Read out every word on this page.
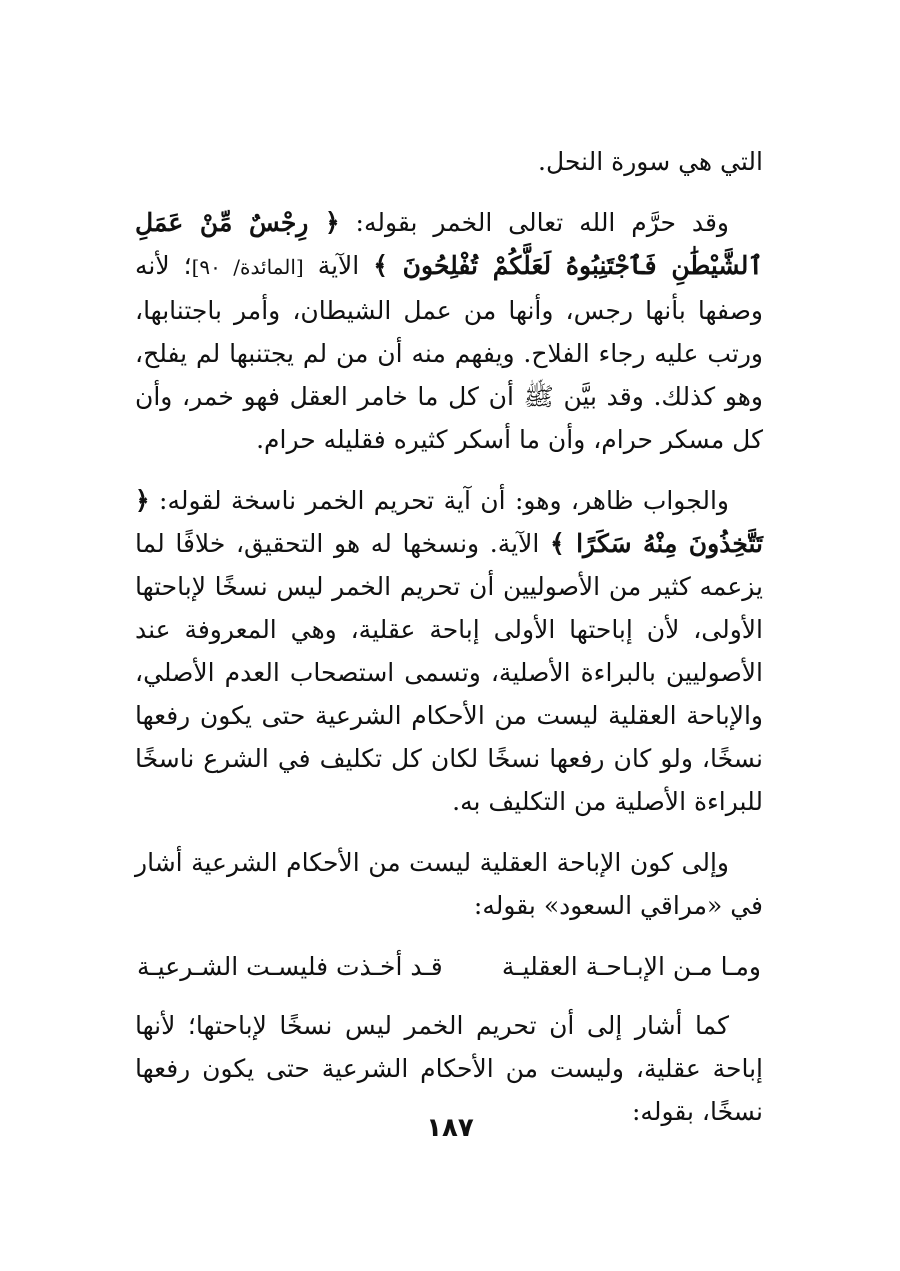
التي هي سورة النحل.

وقد حرَّم الله تعالى الخمر بقوله: ﴿ رِجْسٌ مِّنْ عَمَلِ ٱلشَّيْطَٰنِ فَٱجْتَنِبُوهُ لَعَلَّكُمْ تُفْلِحُونَ ﴾ الآية [المائدة/ ٩٠]؛ لأنه وصفها بأنها رجس، وأنها من عمل الشيطان، وأمر باجتنابها، ورتب عليه رجاء الفلاح. ويفهم منه أن من لم يجتنبها لم يفلح، وهو كذلك. وقد بيَّن ﷺ أن كل ما خامر العقل فهو خمر، وأن كل مسكر حرام، وأن ما أسكر كثيره فقليله حرام.

والجواب ظاهر، وهو: أن آية تحريم الخمر ناسخة لقوله: ﴿ تَتَّخِذُونَ مِنْهُ سَكَرًا ﴾ الآية. ونسخها له هو التحقيق، خلافًا لما يزعمه كثير من الأصوليين أن تحريم الخمر ليس نسخًا لإباحتها الأولى، لأن إباحتها الأولى إباحة عقلية، وهي المعروفة عند الأصوليين بالبراءة الأصلية، وتسمى استصحاب العدم الأصلي، والإباحة العقلية ليست من الأحكام الشرعية حتى يكون رفعها نسخًا، ولو كان رفعها نسخًا لكان كل تكليف في الشرع ناسخًا للبراءة الأصلية من التكليف به.

وإلى كون الإباحة العقلية ليست من الأحكام الشرعية أشار في «مراقي السعود» بقوله:

ومـا مـن الإبـاحـة العقليـة
قـد أخـذت فليسـت الشـرعيـة

كما أشار إلى أن تحريم الخمر ليس نسخًا لإباحتها؛ لأنها إباحة عقلية، وليست من الأحكام الشرعية حتى يكون رفعها نسخًا، بقوله:

١٨٧
